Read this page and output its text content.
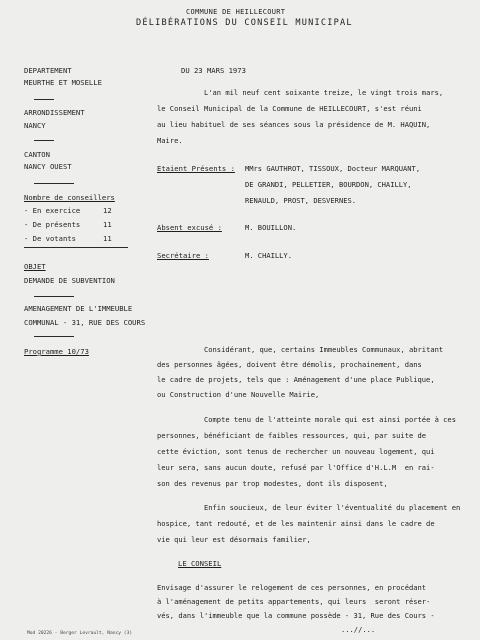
COMMUNE DE HEILLECOURT
DÉLIBÉRATIONS DU CONSEIL MUNICIPAL
DEPARTEMENT
MEURTHE ET MOSELLE
ARRONDISSEMENT
NANCY
CANTON
NANCY OUEST
Nombre de conseillers
- En exercice	12
- De présents	11
- De votants	11
OBJET
DEMANDE DE SUBVENTION
AMENAGEMENT DE L'IMMEUBLE
COMMUNAL - 31, RUE DES COURS
Programme 10/73
DU 23 MARS 1973
L'an mil neuf cent soixante treize, le vingt trois mars,
le Conseil Municipal de la Commune de HEILLECOURT, s'est réuni
au lieu habituel de ses séances sous la présidence de M. HAQUIN,
Maire.
Etaient Présents : MMrs GAUTHROT, TISSOUX, Docteur MARQUANT,
DE GRANDI, PELLETIER, BOURDON, CHAILLY,
RENAULD, PROST, DESVERNES.
Absent excusé :	M. BOUILLON.
Secrétaire :	M. CHAILLY.
Considérant, que, certains Immeubles Communaux, abritant
des personnes âgées, doivent être démolis, prochainement, dans
le cadre de projets, tels que : Aménagement d'une place Publique,
ou Construction d'une Nouvelle Mairie,
Compte tenu de l'atteinte morale qui est ainsi portée à ces
personnes, bénéficiant de faibles ressources, qui, par suite de
cette éviction, sont tenus de rechercher un nouveau logement, qui
leur sera, sans aucun doute, refusé par l'Office d'H.L.M  en rai-
son des revenus par trop modestes, dont ils disposent,
Enfin soucieux, de leur éviter l'éventualité du placement en
hospice, tant redouté, et de les maintenir ainsi dans le cadre de
vie qui leur est désormais familier,
LE CONSEIL
Envisage d'assurer le relogement de ces personnes, en procédant
à l'aménagement de petits appartements, qui leurs  seront réser-
vés, dans l'immeuble que la commune possède - 31, Rue des Cours -
...//...
Mod 20226 - Berger Levrault, Nancy (3)
